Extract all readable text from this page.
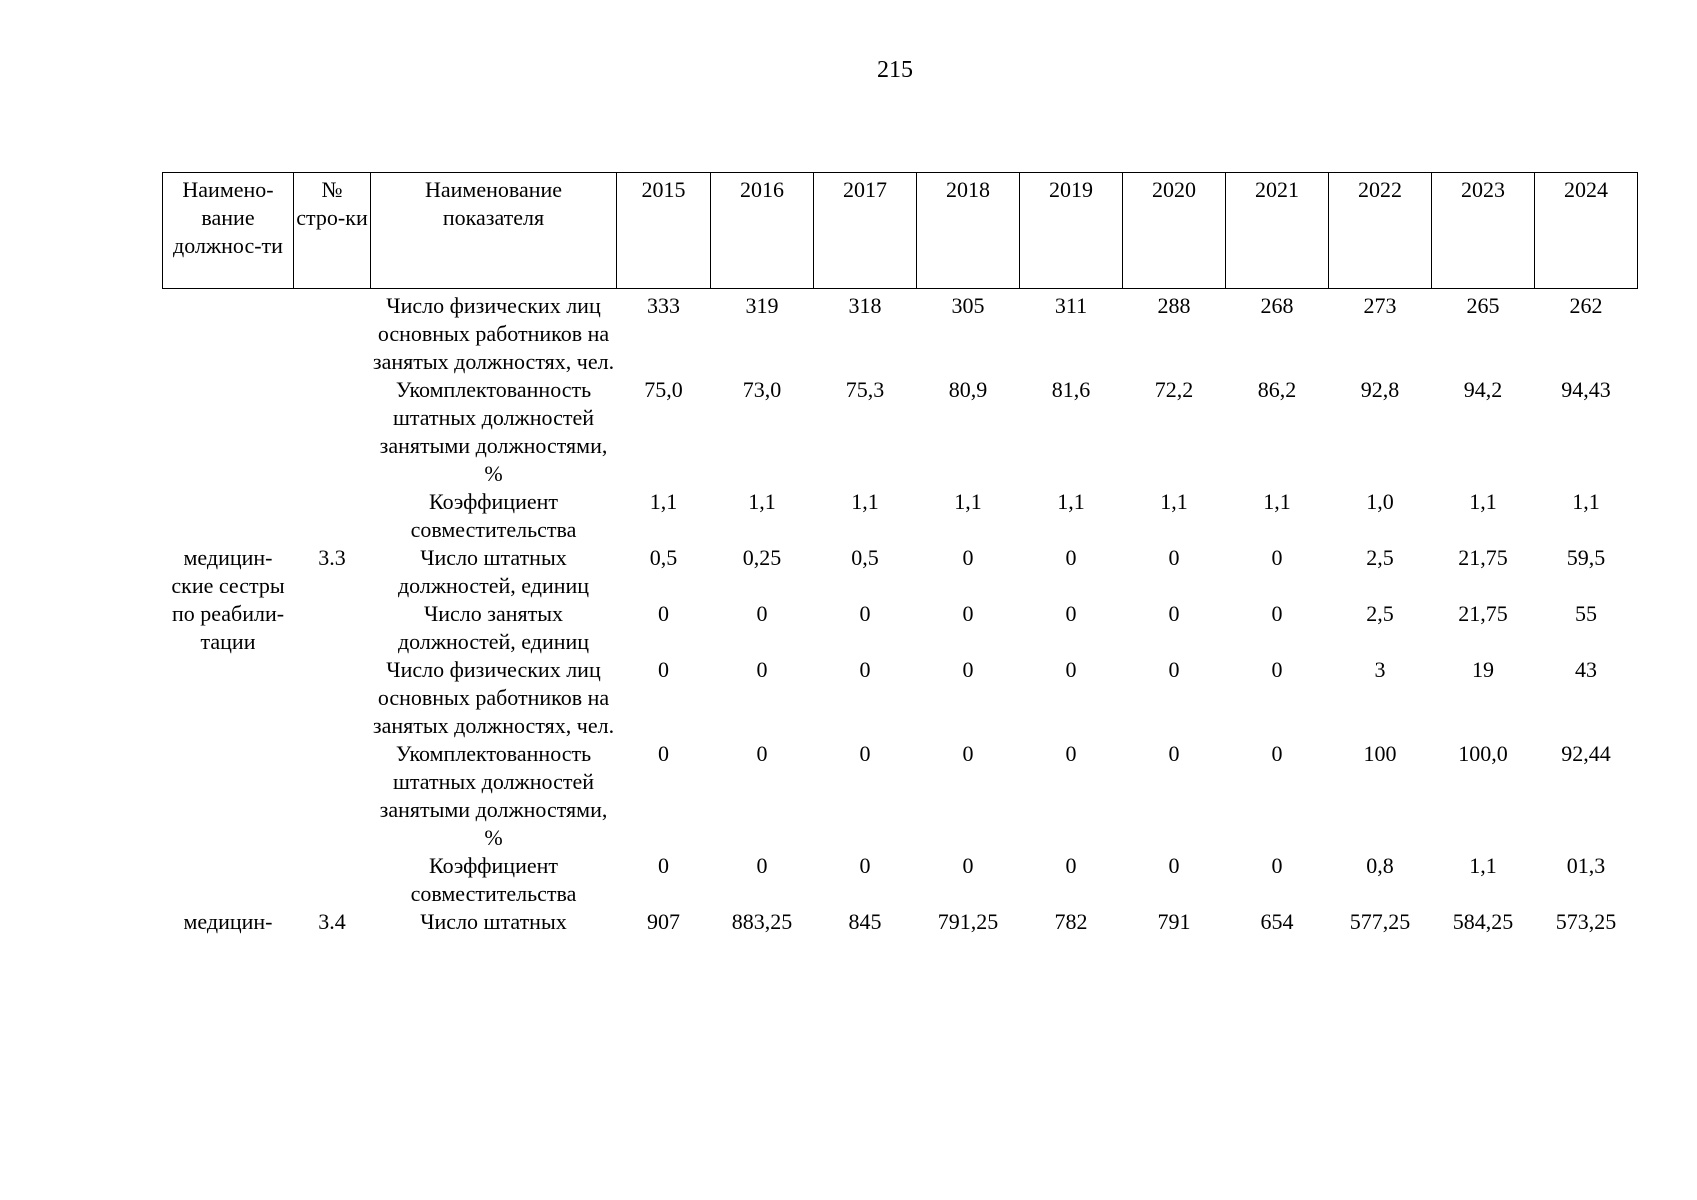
215
Наимено-вание должнос-ти	№ стро-ки	Наименование показателя	2015	2016	2017	2018	2019	2020	2021	2022	2023	2024
		Число физических лиц основных работников на занятых должностях, чел.	333	319	318	305	311	288	268	273	265	262
		Укомплектованность штатных должностей занятыми должностями, %	75,0	73,0	75,3	80,9	81,6	72,2	86,2	92,8	94,2	94,43
		Коэффициент совместительства	1,1	1,1	1,1	1,1	1,1	1,1	1,1	1,0	1,1	1,1
медицин-ские сестры по реабили-тации	3.3	Число штатных должностей, единиц	0,5	0,25	0,5	0	0	0	0	2,5	21,75	59,5
		Число занятых должностей, единиц	0	0	0	0	0	0	0	2,5	21,75	55
		Число физических лиц основных работников на занятых должностях, чел.	0	0	0	0	0	0	0	3	19	43
		Укомплектованность штатных должностей занятыми должностями, %	0	0	0	0	0	0	0	100	100,0	92,44
		Коэффициент совместительства	0	0	0	0	0	0	0	0,8	1,1	01,3
медицин-	3.4	Число штатных	907	883,25	845	791,25	782	791	654	577,25	584,25	573,25
